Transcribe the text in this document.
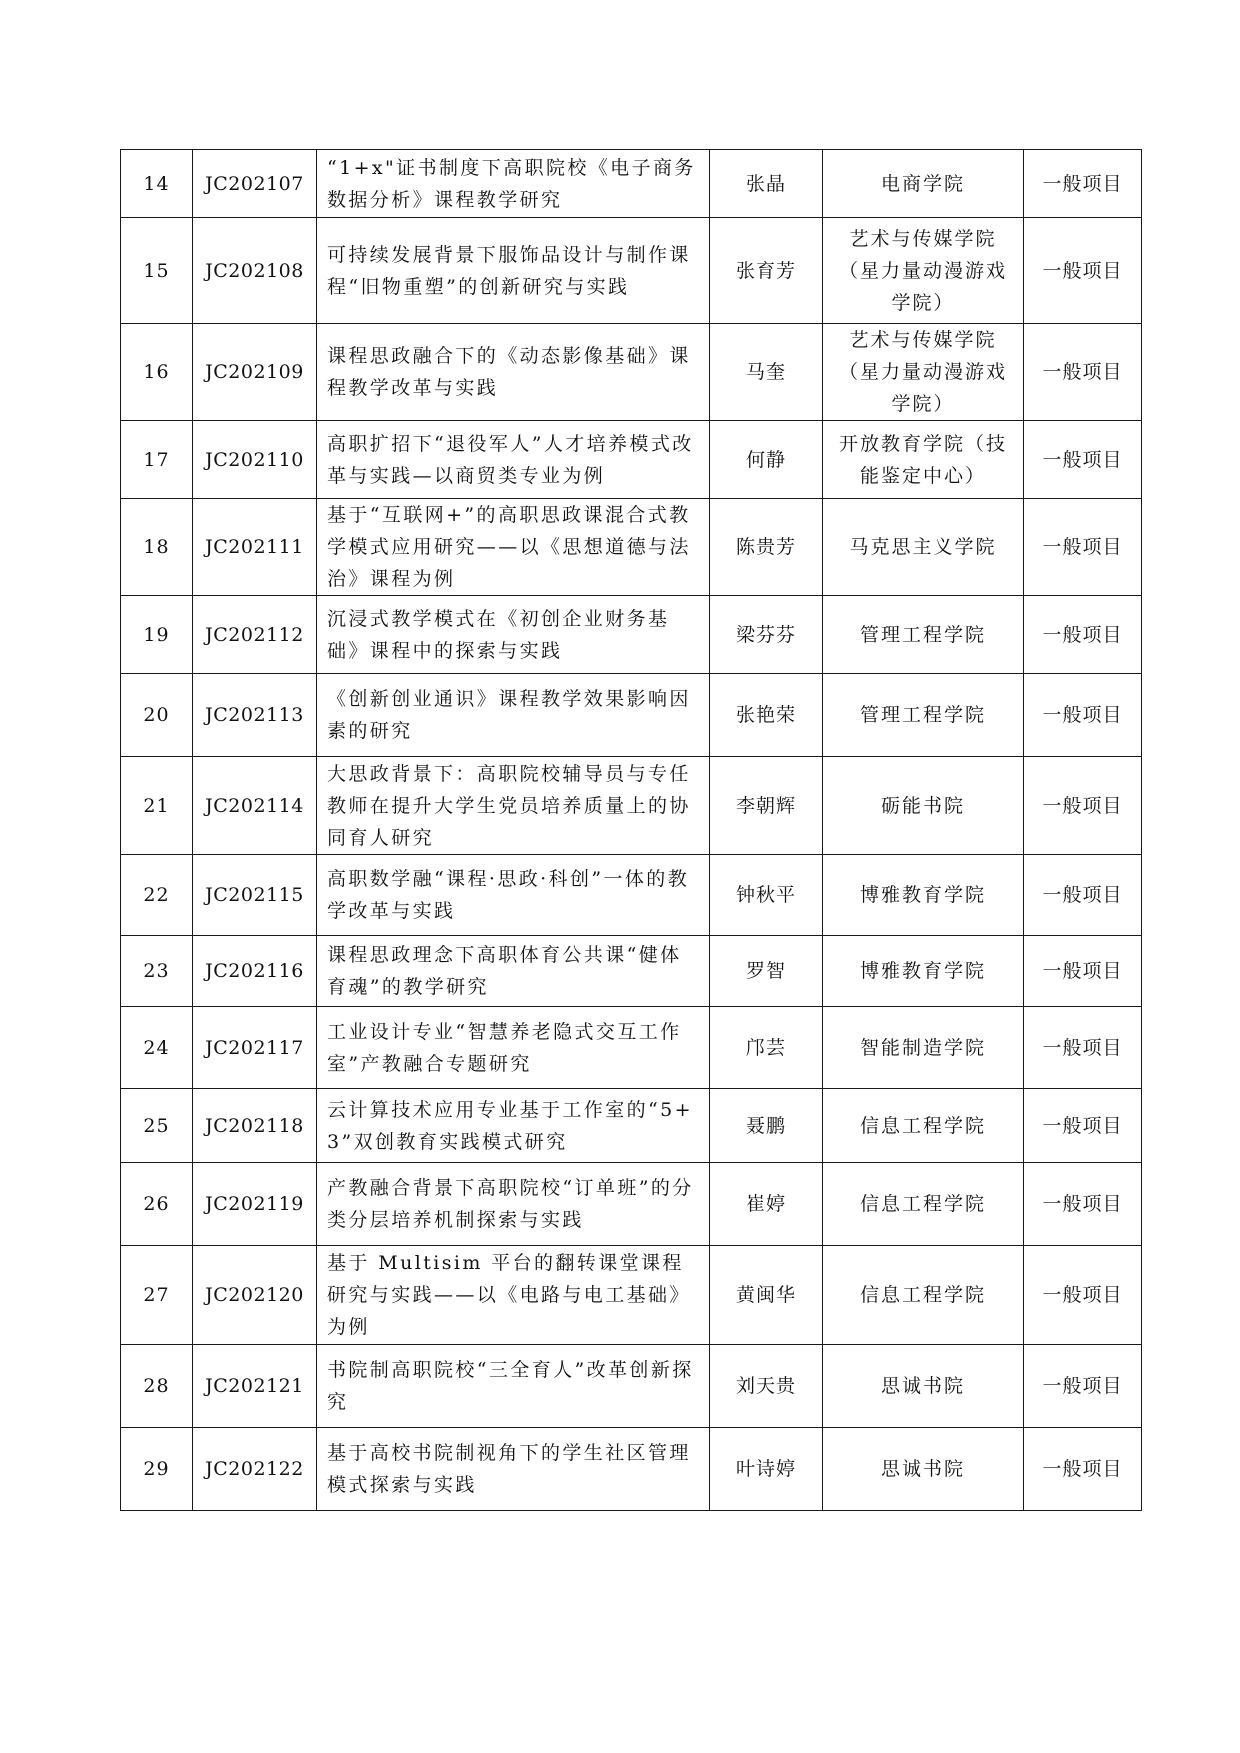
14	JC202107	“1+x"证书制度下高职院校《电子商务数据分析》课程教学研究	张晶	电商学院	一般项目
15	JC202108	可持续发展背景下服饰品设计与制作课程“旧物重塑”的创新研究与实践	张育芳	艺术与传媒学院（星力量动漫游戏学院）	一般项目
16	JC202109	课程思政融合下的《动态影像基础》课程教学改革与实践	马奎	艺术与传媒学院（星力量动漫游戏学院）	一般项目
17	JC202110	高职扩招下“退役军人”人才培养模式改革与实践—以商贸类专业为例	何静	开放教育学院（技能鉴定中心）	一般项目
18	JC202111	基于“互联网+”的高职思政课混合式教学模式应用研究——以《思想道德与法治》课程为例	陈贵芳	马克思主义学院	一般项目
19	JC202112	沉浸式教学模式在《初创企业财务基础》课程中的探索与实践	梁芬芬	管理工程学院	一般项目
20	JC202113	《创新创业通识》课程教学效果影响因素的研究	张艳荣	管理工程学院	一般项目
21	JC202114	大思政背景下：高职院校辅导员与专任教师在提升大学生党员培养质量上的协同育人研究	李朝辉	砺能书院	一般项目
22	JC202115	高职数学融“课程·思政·科创”一体的教学改革与实践	钟秋平	博雅教育学院	一般项目
23	JC202116	课程思政理念下高职体育公共课“健体育魂”的教学研究	罗智	博雅教育学院	一般项目
24	JC202117	工业设计专业“智慧养老隐式交互工作室”产教融合专题研究	邝芸	智能制造学院	一般项目
25	JC202118	云计算技术应用专业基于工作室的“5+3”双创教育实践模式研究	聂鹏	信息工程学院	一般项目
26	JC202119	产教融合背景下高职院校“订单班”的分类分层培养机制探索与实践	崔婷	信息工程学院	一般项目
27	JC202120	基于 Multisim 平台的翻转课堂课程研究与实践——以《电路与电工基础》为例	黄闽华	信息工程学院	一般项目
28	JC202121	书院制高职院校“三全育人”改革创新探究	刘天贵	思诚书院	一般项目
29	JC202122	基于高校书院制视角下的学生社区管理模式探索与实践	叶诗婷	思诚书院	一般项目
